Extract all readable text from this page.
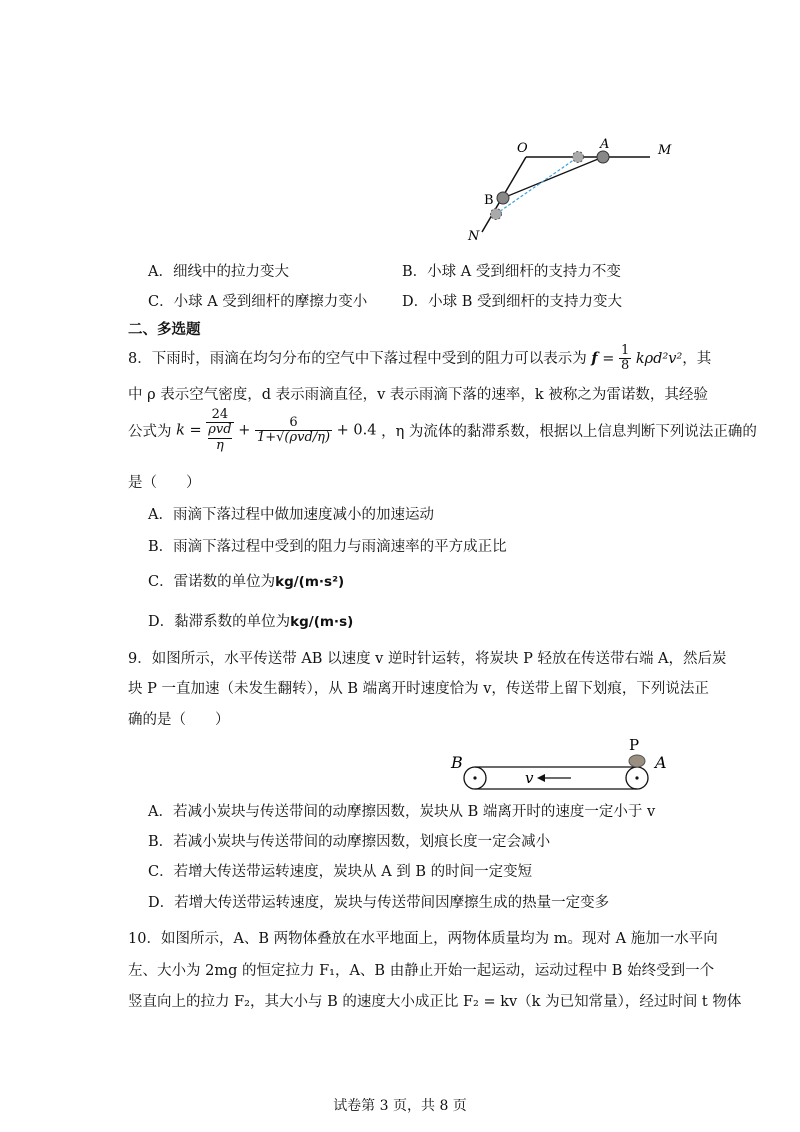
O	A	M
B
N
A．细线中的拉力变大	B．小球 A 受到细杆的支持力不变
C．小球 A 受到细杆的摩擦力变小 D．小球 B 受到细杆的支持力变大
二、多选题
8．下雨时，雨滴在均匀分布的空气中下落过程中受到的阻力可以表示为 $f = \frac{1}{8} k\rho d^2v^2$，其
中 ρ 表示空气密度，d 表示雨滴直径，v 表示雨滴下落的速率，k 被称之为雷诺数，其经验
公式为 k = 24
ρvd
$\eta + \frac{6}{\text{1+√(ρvd/η)}} + 0.4$ ，η 为流体的黏滞系数，根据以上信息判断下列说法正确的
是（　　）
A．雨滴下落过程中做加速度减小的加速运动
B．雨滴下落过程中受到的阻力与雨滴速率的平方成正比
C．雷诺数的单位为kg/(m·s²)
D．黏滞系数的单位为kg/(m·s)
9．如图所示，水平传送带 AB 以速度 v 逆时针运转，将炭块 P 轻放在传送带右端 A，然后炭
块 P 一直加速（未发生翻转），从 B 端离开时速度恰为 v，传送带上留下划痕，下列说法正
确的是（　　）
B	A
P
v
A．若减小炭块与传送带间的动摩擦因数，炭块从 B 端离开时的速度一定小于 v
B．若减小炭块与传送带间的动摩擦因数，划痕长度一定会减小
C．若增大传送带运转速度，炭块从 A 到 B 的时间一定变短
D．若增大传送带运转速度，炭块与传送带间因摩擦生成的热量一定变多
10．如图所示，A、B 两物体叠放在水平地面上，两物体质量均为 m。现对 A 施加一水平向
左、大小为 2mg 的恒定拉力 F₁，A、B 由静止开始一起运动，运动过程中 B 始终受到一个
竖直向上的拉力 F₂，其大小与 B 的速度大小成正比 F₂ = kv（k 为已知常量），经过时间 t 物体
试卷第 3 页，共 8 页
